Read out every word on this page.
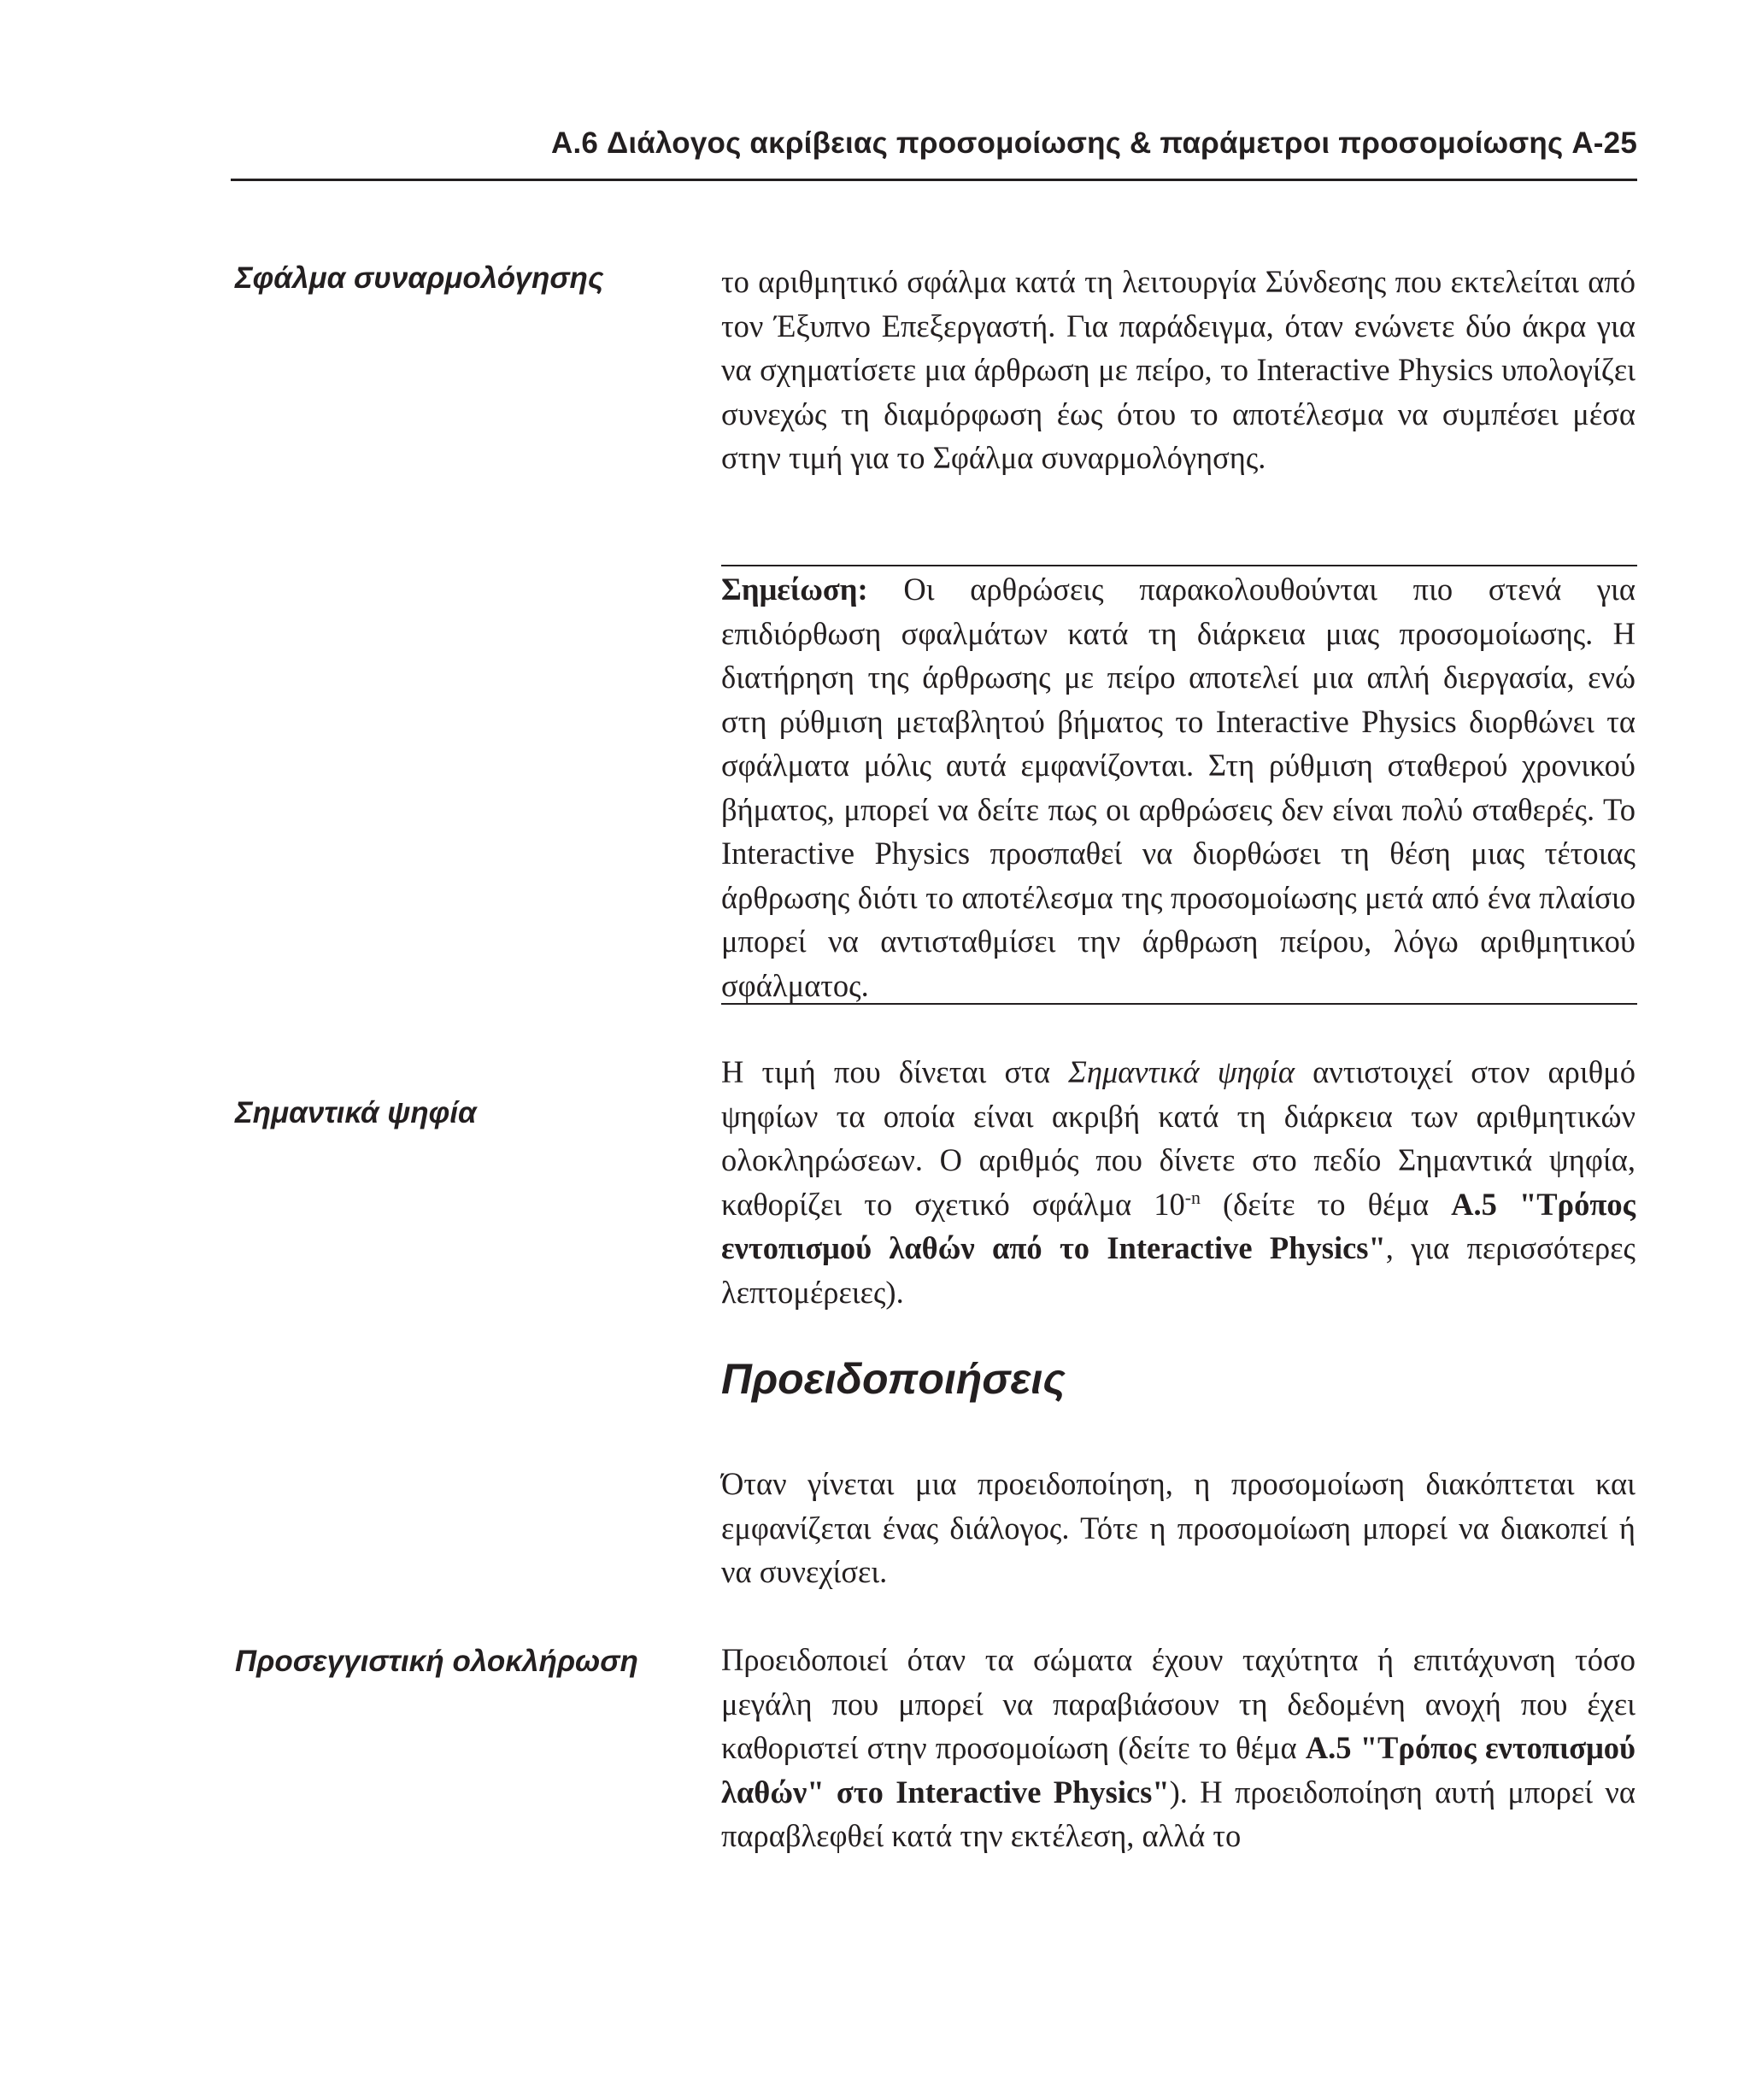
A.6 Διάλογος ακρίβειας προσομοίωσης & παράμετροι προσομοίωσης A-25
Σφάλμα συναρμολόγησης	το αριθμητικό σφάλμα κατά τη λειτουργία Σύνδεσης που εκτελείται από τον Έξυπνο Επεξεργαστή. Για παράδειγμα, όταν ενώνετε δύο άκρα για να σχηματίσετε μια άρθρωση με πείρο, το Interactive Physics υπολογίζει συνεχώς τη διαμόρφωση έως ότου το αποτέλεσμα να συμπέσει μέσα στην τιμή για το Σφάλμα συναρμολόγησης.

Σημείωση: Οι αρθρώσεις παρακολουθούνται πιο στενά για επιδιόρθωση σφαλμάτων κατά τη διάρκεια μιας προσομοίωσης. Η διατήρηση της άρθρωσης με πείρο αποτελεί μια απλή διεργασία, ενώ στη ρύθμιση μεταβλητού βήματος το Interactive Physics διορθώνει τα σφάλματα μόλις αυτά εμφανίζονται. Στη ρύθμιση σταθερού χρονικού βήματος, μπορεί να δείτε πως οι αρθρώσεις δεν είναι πολύ σταθερές. Το Interactive Physics προσπαθεί να διορθώσει τη θέση μιας τέτοιας άρθρωσης διότι το αποτέλεσμα της προσομοίωσης μετά από ένα πλαίσιο μπορεί να αντισταθμίσει την άρθρωση πείρου, λόγω αριθμητικού σφάλματος.

Σημαντικά ψηφία

Η τιμή που δίνεται στα Σημαντικά ψηφία αντιστοιχεί στον αριθμό ψηφίων τα οποία είναι ακριβή κατά τη διάρκεια των αριθμητικών ολοκληρώσεων. Ο αριθμός που δίνετε στο πεδίο Σημαντικά ψηφία, καθορίζει το σχετικό σφάλμα $10^{-n}$ (δείτε το θέμα A.5 "Τρόπος εντοπισμού λαθών από το Interactive Physics", για περισσότερες λεπτομέρειες).

Προειδοποιήσεις

Όταν γίνεται μια προειδοποίηση, η προσομοίωση διακόπτεται και εμφανίζεται ένας διάλογος. Τότε η προσομοίωση μπορεί να διακοπεί ή να συνεχίσει.

Προσεγγιστική ολοκλήρωση	Προειδοποιεί όταν τα σώματα έχουν ταχύτητα ή επιτάχυνση τόσο μεγάλη που μπορεί να παραβιάσουν τη δεδομένη ανοχή που έχει καθοριστεί στην προσομοίωση (δείτε το θέμα A.5 "Τρόπος εντοπισμού λαθών" στο Interactive Physics"). Η προειδοποίηση αυτή μπορεί να παραβλεφθεί κατά την εκτέλεση, αλλά το
